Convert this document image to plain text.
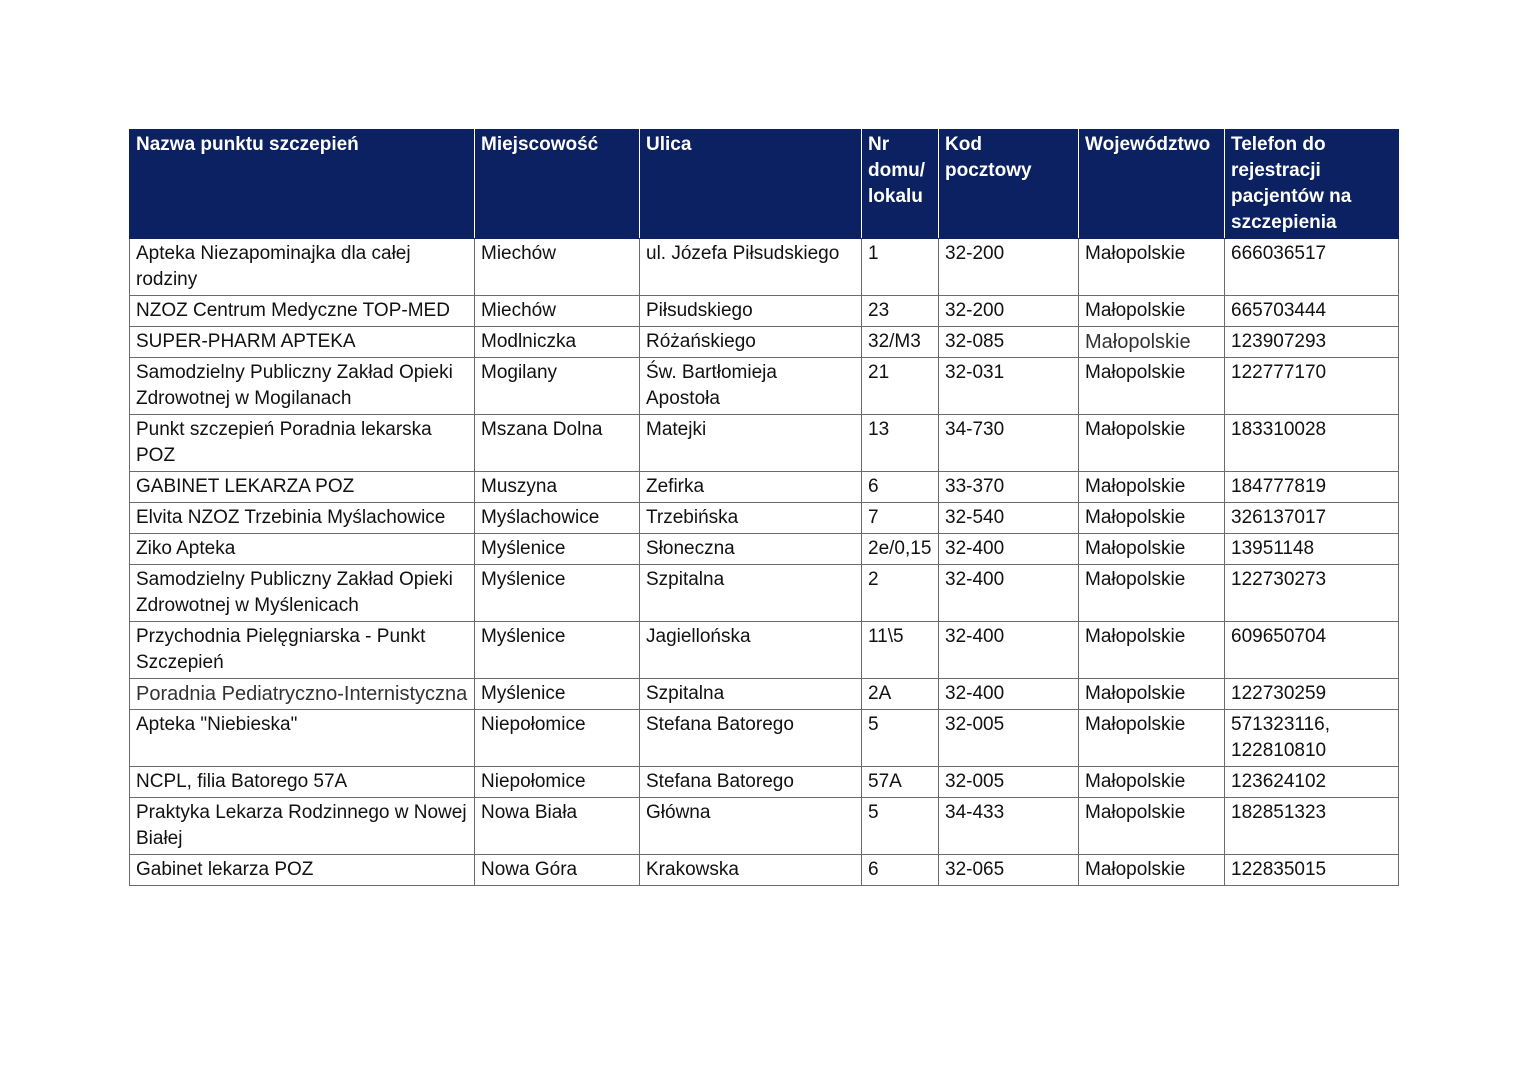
Nazwa punktu szczepień	Miejscowość	Ulica	Nr domu/ lokalu	Kod pocztowy	Województwo	Telefon do rejestracji pacjentów na szczepienia
Apteka Niezapominajka dla całej rodziny	Miechów	ul. Józefa Piłsudskiego	1	32-200	Małopolskie	666036517
NZOZ Centrum Medyczne TOP-MED	Miechów	Piłsudskiego	23	32-200	Małopolskie	665703444
SUPER-PHARM APTEKA	Modlniczka	Różańskiego	32/M3	32-085	Małopolskie	123907293
Samodzielny Publiczny Zakład Opieki Zdrowotnej w Mogilanach	Mogilany	Św. Bartłomieja Apostoła	21	32-031	Małopolskie	122777170
Punkt szczepień Poradnia lekarska POZ	Mszana Dolna	Matejki	13	34-730	Małopolskie	183310028
GABINET LEKARZA POZ	Muszyna	Zefirka	6	33-370	Małopolskie	184777819
Elvita NZOZ Trzebinia Myślachowice	Myślachowice	Trzebińska	7	32-540	Małopolskie	326137017
Ziko Apteka	Myślenice	Słoneczna	2e/0,15	32-400	Małopolskie	13951148
Samodzielny Publiczny Zakład Opieki Zdrowotnej w Myślenicach	Myślenice	Szpitalna	2	32-400	Małopolskie	122730273
Przychodnia Pielęgniarska - Punkt Szczepień	Myślenice	Jagiellońska	11\5	32-400	Małopolskie	609650704
Poradnia Pediatryczno-Internistyczna	Myślenice	Szpitalna	2A	32-400	Małopolskie	122730259
Apteka "Niebieska"	Niepołomice	Stefana Batorego	5	32-005	Małopolskie	571323116, 122810810
NCPL, filia Batorego 57A	Niepołomice	Stefana Batorego	57A	32-005	Małopolskie	123624102
Praktyka Lekarza Rodzinnego w Nowej Białej	Nowa Biała	Główna	5	34-433	Małopolskie	182851323
Gabinet lekarza POZ	Nowa Góra	Krakowska	6	32-065	Małopolskie	122835015
